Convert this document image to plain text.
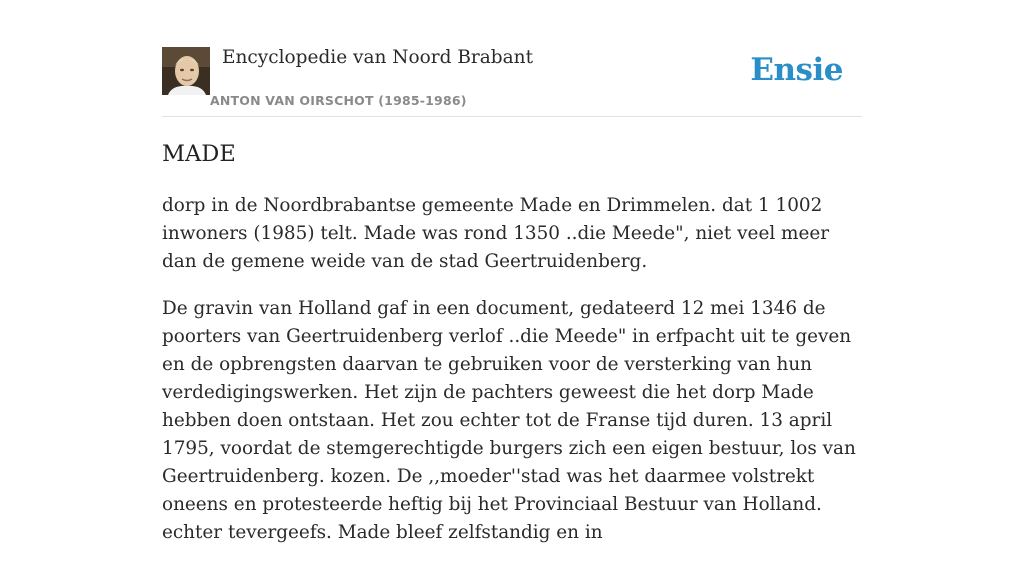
Encyclopedie van Noord Brabant
ANTON VAN OIRSCHOT (1985-1986)
Ensie
MADE

dorp in de Noordbrabantse gemeente Made en Drimmelen. dat 1 1002 inwoners (1985) telt. Made was rond 1350 ..die Meede", niet veel meer dan de gemene weide van de stad Geertruidenberg.

De gravin van Holland gaf in een document, gedateerd 12 mei 1346 de poorters van Geertruidenberg verlof ..die Meede" in erfpacht uit te geven en de opbrengsten daarvan te gebruiken voor de versterking van hun verdedigingswerken. Het zijn de pachters geweest die het dorp Made hebben doen ontstaan. Het zou echter tot de Franse tijd duren. 13 april 1795, voordat de stemgerechtigde burgers zich een eigen bestuur, los van Geertruidenberg. kozen. De ,,moeder''stad was het daarmee volstrekt oneens en protesteerde heftig bij het Provinciaal Bestuur van Holland. echter tevergeefs. Made bleef zelfstandig en in
